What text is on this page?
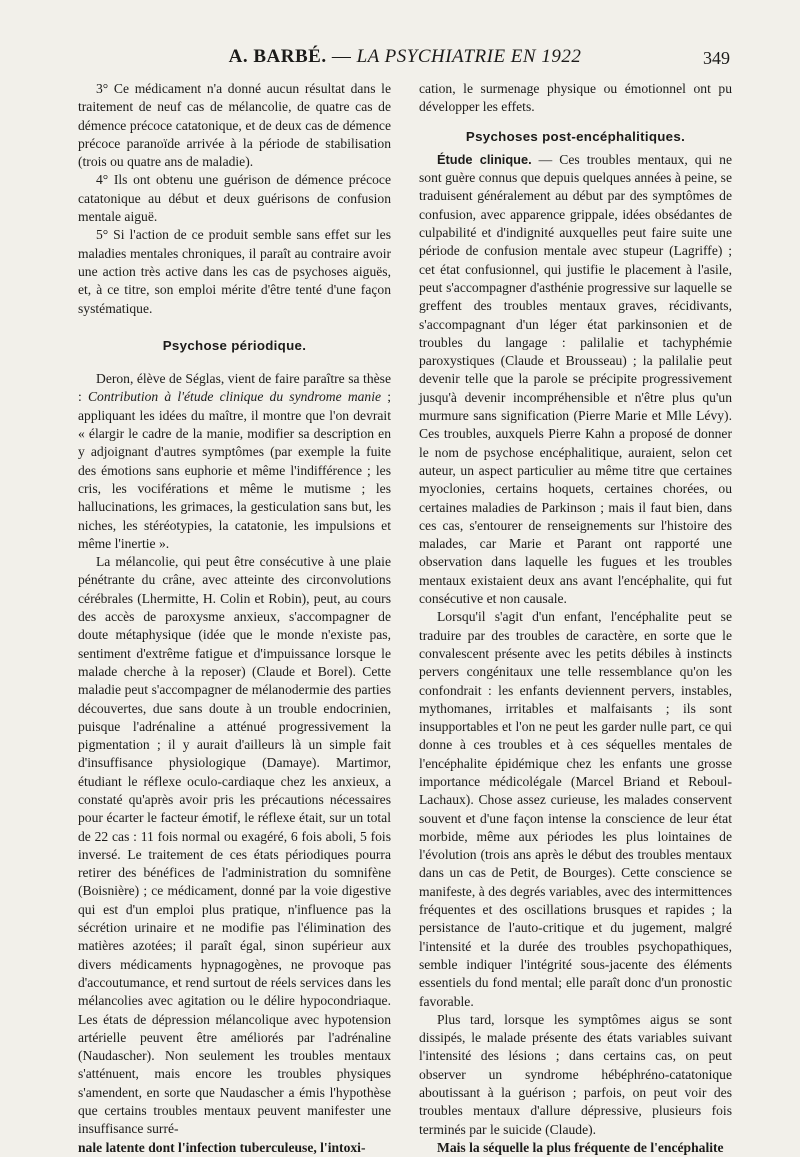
A. BARBÉ. — LA PSYCHIATRIE EN 1922	349

3° Ce médicament n'a donné aucun résultat dans le traitement de neuf cas de mélancolie, de quatre cas de démence précoce catatonique, et de deux cas de démence précoce paranoïde arrivée à la période de stabilisation (trois ou quatre ans de maladie).

4° Ils ont obtenu une guérison de démence précoce catatonique au début et deux guérisons de confusion mentale aiguë.

5° Si l'action de ce produit semble sans effet sur les maladies mentales chroniques, il paraît au contraire avoir une action très active dans les cas de psychoses aiguës, et, à ce titre, son emploi mérite d'être tenté d'une façon systématique.

Psychose périodique.

Deron, élève de Séglas, vient de faire paraître sa thèse : Contribution à l'étude clinique du syndrome manie ; appliquant les idées du maître, il montre que l'on devrait « élargir le cadre de la manie, modifier sa description en y adjoignant d'autres symptômes (par exemple la fuite des émotions sans euphorie et même l'indifférence ; les cris, les vociférations et même le mutisme ; les hallucinations, les grimaces, la gesticulation sans but, les niches, les stéréotypies, la catatonie, les impulsions et même l'inertie ».

La mélancolie, qui peut être consécutive à une plaie pénétrante du crâne, avec atteinte des circonvolutions cérébrales (Lhermitte, H. Colin et Robin), peut, au cours des accès de paroxysme anxieux, s'accompagner de doute métaphysique (idée que le monde n'existe pas, sentiment d'extrême fatigue et d'impuissance lorsque le malade cherche à la reposer) (Claude et Borel). Cette maladie peut s'accompagner de mélanodermie des parties découvertes, due sans doute à un trouble endocrinien, puisque l'adrénaline a atténué progressivement la pigmentation ; il y aurait d'ailleurs là un simple fait d'insuffisance physiologique (Damaye). Martimor, étudiant le réflexe oculo-cardiaque chez les anxieux, a constaté qu'après avoir pris les précautions nécessaires pour écarter le facteur émotif, le réflexe était, sur un total de 22 cas : 11 fois normal ou exagéré, 6 fois aboli, 5 fois inversé. Le traitement de ces états périodiques pourra retirer des bénéfices de l'administration du somnifène (Boisnière) ; ce médicament, donné par la voie digestive qui est d'un emploi plus pratique, n'influence pas la sécrétion urinaire et ne modifie pas l'élimination des matières azotées; il paraît égal, sinon supérieur aux divers médicaments hypnagogènes, ne provoque pas d'accoutumance, et rend surtout de réels services dans les mélancolies avec agitation ou le délire hypocondriaque. Les états de dépression mélancolique avec hypotension artérielle peuvent être améliorés par l'adrénaline (Naudascher). Non seulement les troubles mentaux s'atténuent, mais encore les troubles physiques s'amendent, en sorte que Naudascher a émis l'hypothèse que certains troubles mentaux peuvent manifester une insuffisance surré-

nale latente dont l'infection tuberculeuse, l'intoxi-

cation, le surmenage physique ou émotionnel ont pu développer les effets.

Psychoses post-encéphalitiques.

Étude clinique. — Ces troubles mentaux, qui ne sont guère connus que depuis quelques années à peine, se traduisent généralement au début par des symptômes de confusion, avec apparence grippale, idées obsédantes de culpabilité et d'indignité auxquelles peut faire suite une période de confusion mentale avec stupeur (Lagriffe) ; cet état confusionnel, qui justifie le placement à l'asile, peut s'accompagner d'asthénie progressive sur laquelle se greffent des troubles mentaux graves, récidivants, s'accompagnant d'un léger état parkinsonien et de troubles du langage : palilalie et tachyphémie paroxystiques (Claude et Brousseau) ; la palilalie peut devenir telle que la parole se précipite progressivement jusqu'à devenir incompréhensible et n'être plus qu'un murmure sans signification (Pierre Marie et Mlle Lévy). Ces troubles, auxquels Pierre Kahn a proposé de donner le nom de psychose encéphalitique, auraient, selon cet auteur, un aspect particulier au même titre que certaines myoclonies, certains hoquets, certaines chorées, ou certaines maladies de Parkinson ; mais il faut bien, dans ces cas, s'entourer de renseignements sur l'histoire des malades, car Marie et Parant ont rapporté une observation dans laquelle les fugues et les troubles mentaux existaient deux ans avant l'encéphalite, qui fut consécutive et non causale.

Lorsqu'il s'agit d'un enfant, l'encéphalite peut se traduire par des troubles de caractère, en sorte que le convalescent présente avec les petits débiles à instincts pervers congénitaux une telle ressemblance qu'on les confondrait : les enfants deviennent pervers, instables, mythomanes, irritables et malfaisants ; ils sont insupportables et l'on ne peut les garder nulle part, ce qui donne à ces troubles et à ces séquelles mentales de l'encéphalite épidémique chez les enfants une grosse importance médicolégale (Marcel Briand et Reboul-Lachaux). Chose assez curieuse, les malades conservent souvent et d'une façon intense la conscience de leur état morbide, même aux périodes les plus lointaines de l'évolution (trois ans après le début des troubles mentaux dans un cas de Petit, de Bourges). Cette conscience se manifeste, à des degrés variables, avec des intermittences fréquentes et des oscillations brusques et rapides ; la persistance de l'auto-critique et du jugement, malgré l'intensité et la durée des troubles psychopathiques, semble indiquer l'intégrité sous-jacente des éléments essentiels du fond mental; elle paraît donc d'un pronostic favorable.

Plus tard, lorsque les symptômes aigus se sont dissipés, le malade présente des états variables suivant l'intensité des lésions ; dans certains cas, on peut observer un syndrome hébéphréno-catatonique aboutissant à la guérison ; parfois, on peut voir des troubles mentaux d'allure dépressive, plusieurs fois terminés par le suicide (Claude).

Mais la séquelle la plus fréquente de l'encéphalite
